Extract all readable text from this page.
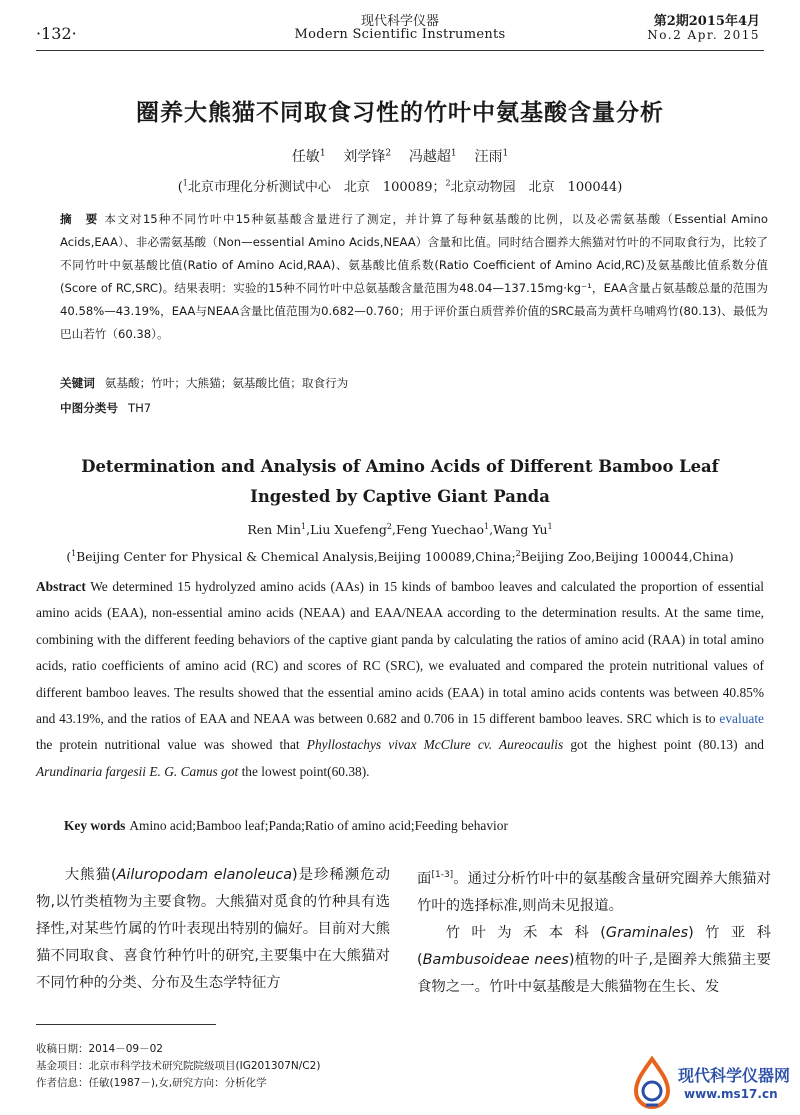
·132·
现代科学仪器
Modern Scientific Instruments
第2期2015年4月
No.2 Apr. 2015
圈养大熊猫不同取食习性的竹叶中氨基酸含量分析
任敏$^1$ 刘学锋$^2$ 冯越超$^1$ 汪雨$^1$
($^1$北京市理化分析测试中心　北京　100089；$^2$北京动物园　北京　100044)
摘　要 本文对15种不同竹叶中15种氨基酸含量进行了测定，并计算了每种氨基酸的比例，以及必需氨基酸（Essential Amino Acids,EAA）、非必需氨基酸（Non—essential Amino Acids,NEAA）含量和比值。同时结合圈养大熊猫对竹叶的不同取食行为，比较了不同竹叶中氨基酸比值(Ratio of Amino Acid,RAA)、氨基酸比值系数(Ratio Coefficient of Amino Acid,RC)及氨基酸比值系数分值(Score of RC,SRC)。结果表明：实验的15种不同竹叶中总氨基酸含量范围为48.04—137.15mg·kg⁻¹，EAA含量占氨基酸总量的范围为40.58%—43.19%，EAA与NEAA含量比值范围为0.682—0.760；用于评价蛋白质营养价值的SRC最高为黄杆乌哺鸡竹(80.13)、最低为巴山若竹（60.38）。
关键词 氨基酸；竹叶；大熊猫；氨基酸比值；取食行为
中图分类号 TH7
Determination and Analysis of Amino Acids of Different Bamboo Leaf Ingested by Captive Giant Panda
Ren Min$^1$,Liu Xuefeng$^2$,Feng Yuechao$^1$,Wang Yu$^1$
($^1$Beijing Center for Physical & Chemical Analysis,Beijing 100089,China;$^2$Beijing Zoo,Beijing 100044,China)
Abstract We determined 15 hydrolyzed amino acids (AAs) in 15 kinds of bamboo leaves and calculated the proportion of essential amino acids (EAA), non-essential amino acids (NEAA) and EAA/NEAA according to the determination results. At the same time, combining with the different feeding behaviors of the captive giant panda by calculating the ratios of amino acid (RAA) in total amino acids, ratio coefficients of amino acid (RC) and scores of RC (SRC), we evaluated and compared the protein nutritional values of different bamboo leaves. The results showed that the essential amino acids (EAA) in total amino acids contents was between 40.85% and 43.19%, and the ratios of EAA and NEAA was between 0.682 and 0.706 in 15 different bamboo leaves. SRC which is to evaluate the protein nutritional value was showed that Phyllostachys vivax McClure cv. Aureocaulis got the highest point (80.13) and Arundinaria fargesii E. G. Camus got the lowest point(60.38).
Key words Amino acid;Bamboo leaf;Panda;Ratio of amino acid;Feeding behavior

大熊猫(Ailuropodam elanoleuca)是珍稀濒危动物,以竹类植物为主要食物。大熊猫对觅食的竹种具有选择性,对某些竹属的竹叶表现出特别的偏好。目前对大熊猫不同取食、喜食竹种竹叶的研究,主要集中在大熊猫对不同竹种的分类、分布及生态学特征方

面[1-3]。通过分析竹叶中的氨基酸含量研究圈养大熊猫对竹叶的选择标准,则尚未见报道。

竹叶为禾本科(Graminales)竹亚科(Bambusoideae nees)植物的叶子,是圈养大熊猫主要食物之一。竹叶中氨基酸是大熊猫物在生长、发

收稿日期：2014－09－02
基金项目：北京市科学技术研究院院级项目(IG201307N/C2)
作者信息：任敏(1987－),女,研究方向：分析化学	现代科学仪器网
www.ms17.cn
